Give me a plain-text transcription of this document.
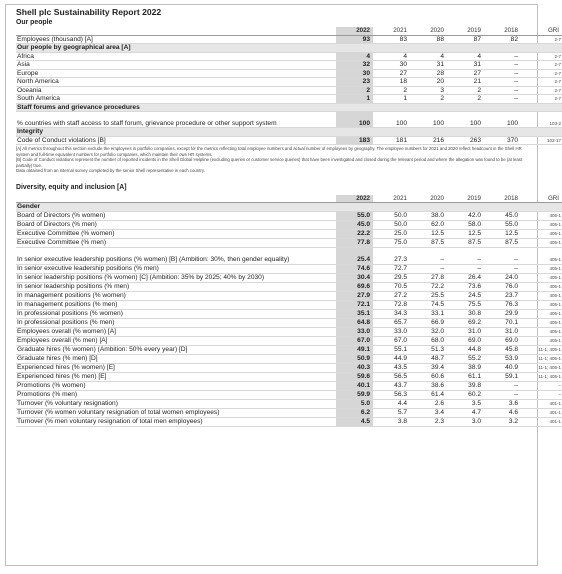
Shell plc Sustainability Report 2022
Our people
	2022	2021	2020	2019	2018	GRI
Employees (thousand) [A]	93	83	88	87	82	2-7
Our people by geographical area [A]						
Africa	4	4	4	4	–	2-7
Asia	32	30	31	31	–	2-7
Europe	30	27	28	27	–	2-7
North America	23	18	20	21	–	2-7
Oceania	2	2	3	2	–	2-7
South America	1	1	2	2	–	2-7
Staff forums and grievance procedures						
% countries with staff access to staff forum, grievance procedure or other support system	100	100	100	100	100	103-2
Integrity						
Code of Conduct violations [B]	183	181	216	263	370	102-17
[A] All metrics throughout this section exclude the employees in portfolio companies, except for the metrics reflecting total employee numbers and actual number of employees by geography. The employee numbers for 2021 and 2020 reflect headcount in the Shell HR system and full-time equivalent numbers for portfolio companies, which maintain their own HR systems.
[B] Code of Conduct violations represent the number of reported incidents in the Shell Global Helpline (excluding queries or customer service queries) that have been investigated and closed during the relevant period and where the allegation was found to be (at least partially) true.
Data obtained from an internal survey completed by the senior Shell representative in each country.
Diversity, equity and inclusion [A]
	2022	2021	2020	2019	2018	GRI
Gender						
Board of Directors (% women)	55.0	50.0	38.0	42.0	45.0	405-1
Board of Directors (% men)	45.0	50.0	62.0	58.0	55.0	405-1
Executive Committee (% women)	22.2	25.0	12.5	12.5	12.5	405-1
Executive Committee (% men)	77.8	75.0	87.5	87.5	87.5	405-1
In senior executive leadership positions (% women) [B] (Ambition: 30%, then gender equality)	25.4	27.3	–	–	–	405-1
In senior executive leadership positions (% men)	74.6	72.7	–	–	–	405-1
In senior leadership positions (% women) [C] (Ambition: 35% by 2025; 40% by 2030)	30.4	29.5	27.8	26.4	24.0	405-1
In senior leadership positions (% men)	69.6	70.5	72.2	73.6	76.0	405-1
In management positions (% women)	27.9	27.2	25.5	24.5	23.7	405-1
In management positions (% men)	72.1	72.8	74.5	75.5	76.3	405-1
In professional positions (% women)	35.1	34.3	33.1	30.8	29.9	405-1
In professional positions (% men)	64.8	65.7	66.9	69.2	70.1	405-1
Employees overall (% women) [A]	33.0	33.0	32.0	31.0	31.0	405-1
Employees overall (% men) [A]	67.0	67.0	68.0	69.0	69.0	405-1
Graduate hires (% women) (Ambition: 50% every year) [D]	49.1	55.1	51.3	44.8	45.8	11-1; 405-1
Graduate hires (% men) [D]	50.9	44.9	48.7	55.2	53.9	11-1; 405-1
Experienced hires (% women) [E]	40.3	43.5	39.4	38.9	40.9	11-1; 405-1
Experienced hires (% men) [E]	59.6	56.5	60.6	61.1	59.1	11-1; 405-1
Promotions (% women)	40.1	43.7	38.6	39.8	–	–
Promotions (% men)	59.9	56.3	61.4	60.2	–	–
Turnover (% voluntary resignation)	5.0	4.4	2.6	3.5	3.6	401-1
Turnover (% women voluntary resignation of total women employees)	6.2	5.7	3.4	4.7	4.6	401-1
Turnover (% men voluntary resignation of total men employees)	4.5	3.8	2.3	3.0	3.2	401-1
